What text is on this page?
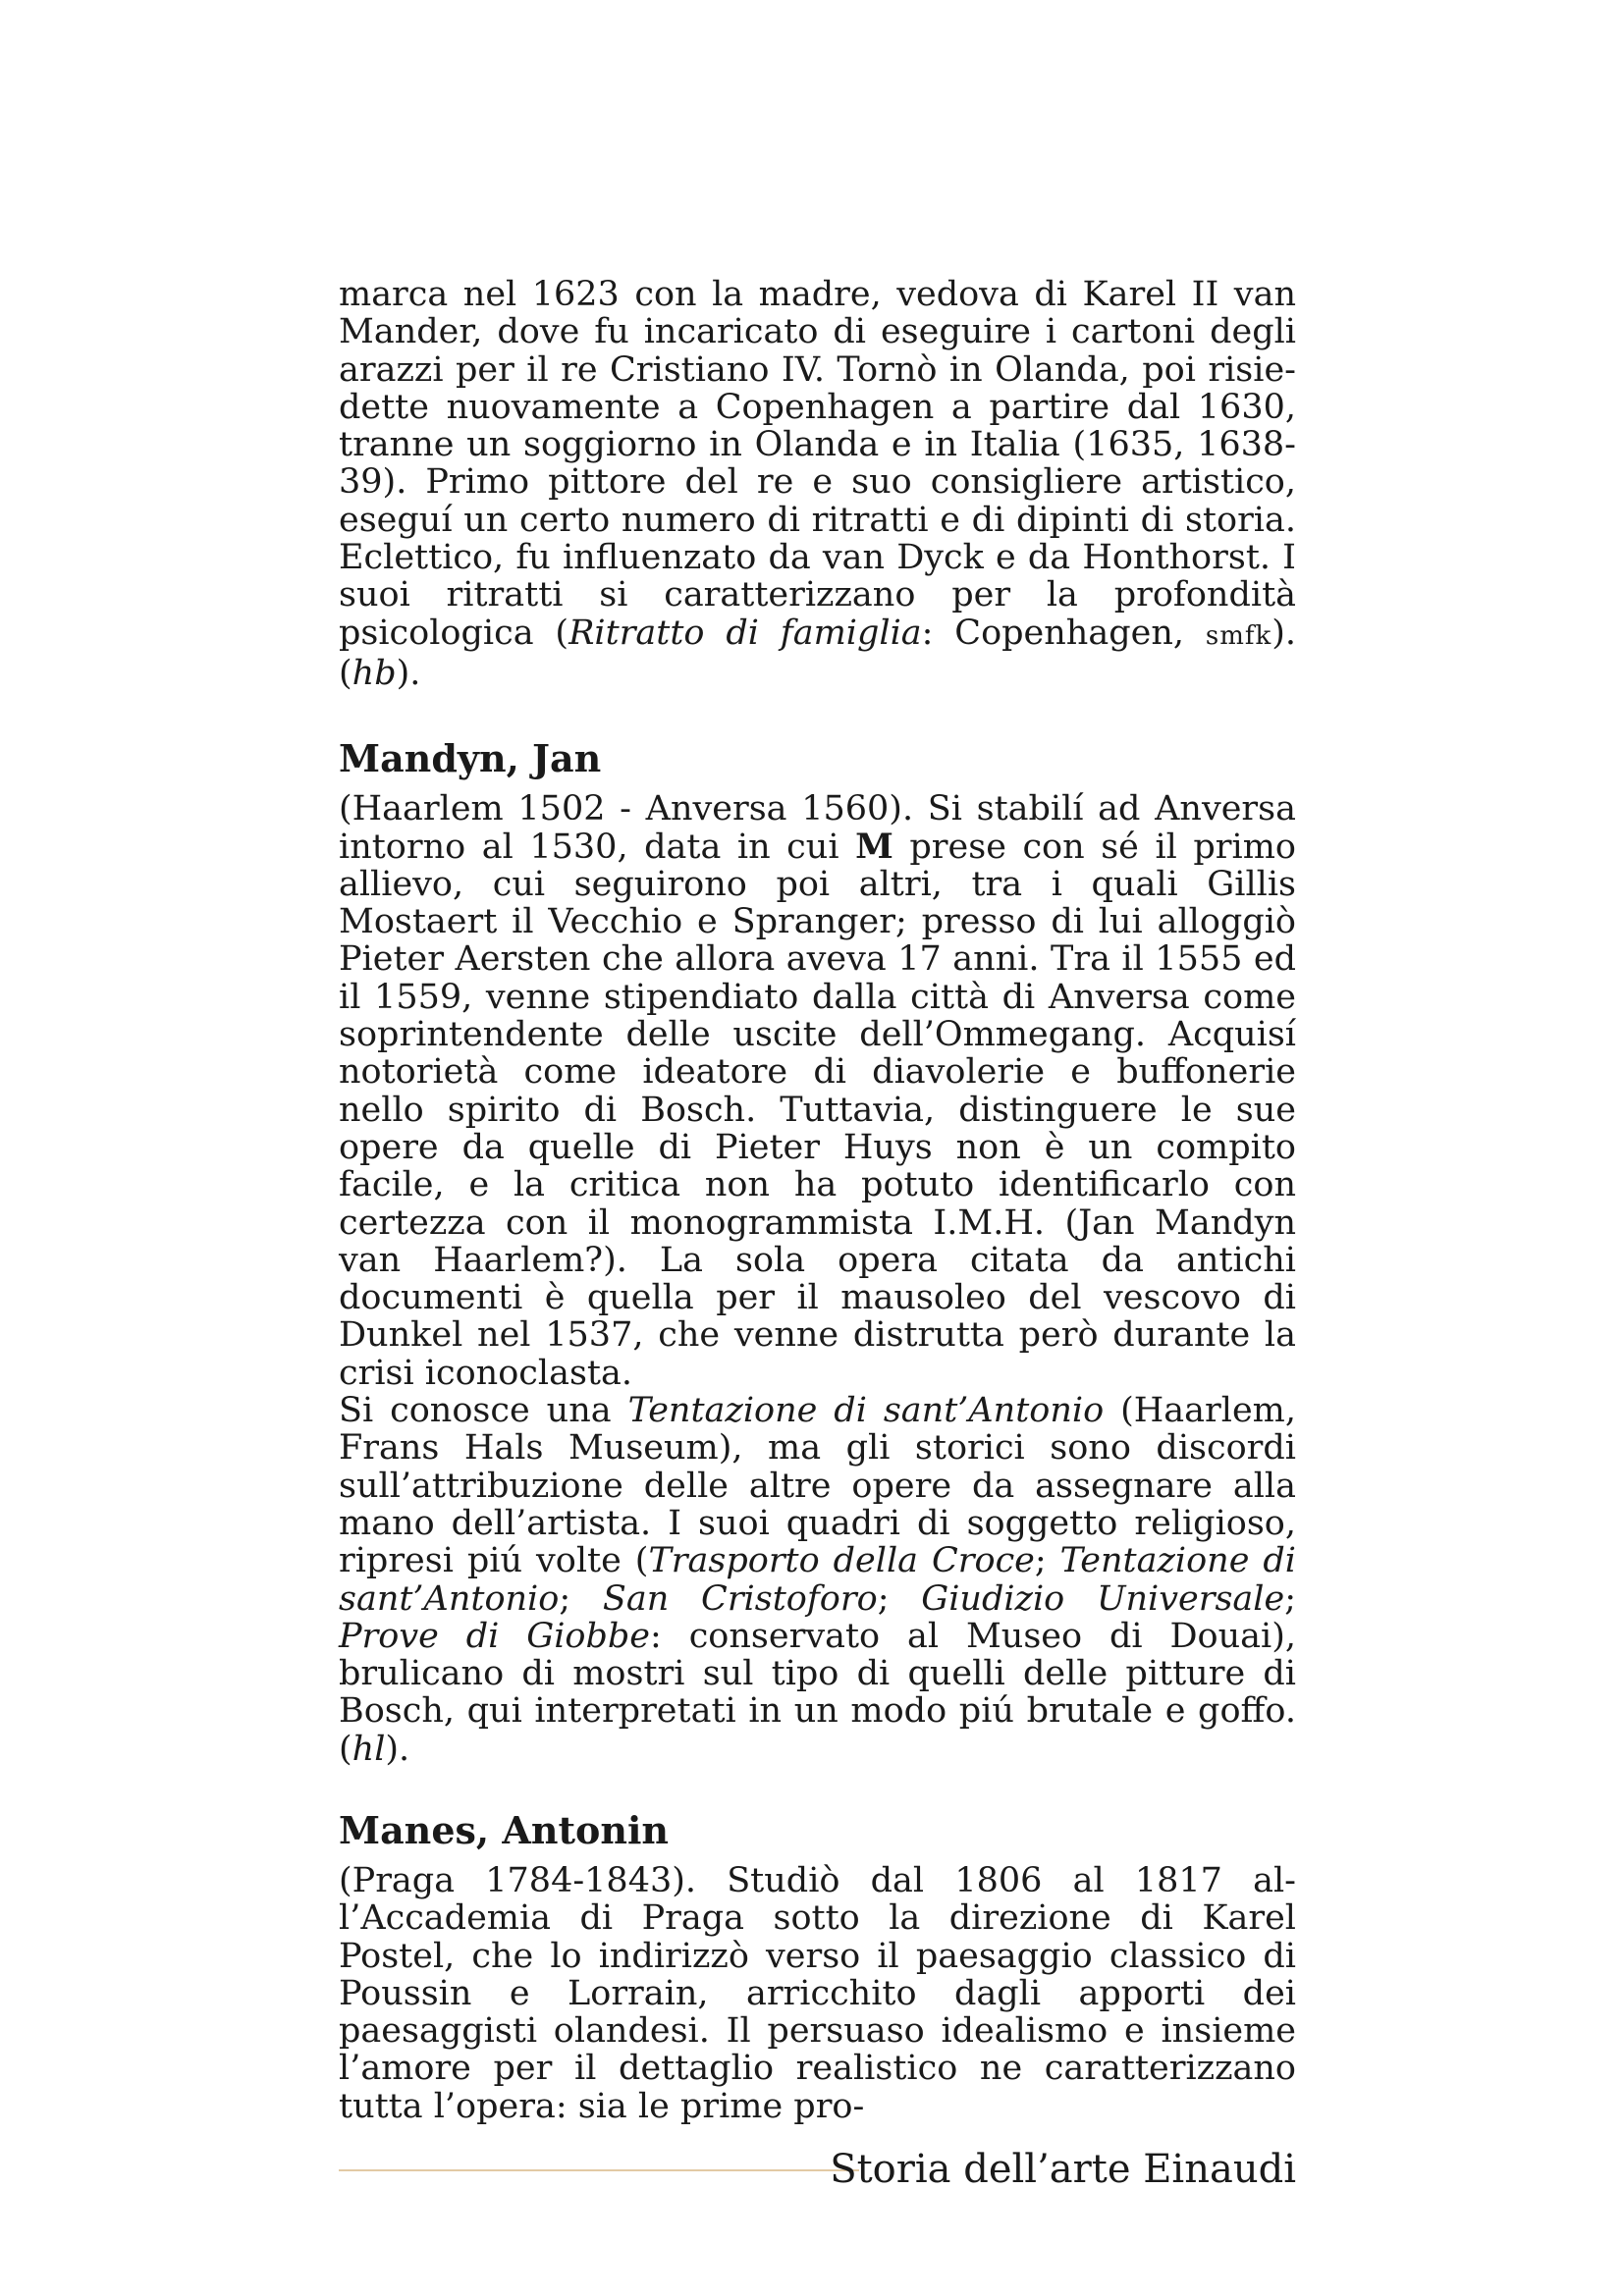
marca nel 1623 con la madre, vedova di Karel II van Mander, dove fu incaricato di eseguire i cartoni degli arazzi per il re Cristiano IV. Tornò in Olanda, poi risiedette nuovamente a Copenhagen a partire dal 1630, tranne un soggiorno in Olanda e in Italia (1635, 1638-39). Primo pittore del re e suo consigliere artistico, eseguí un certo numero di ritratti e di dipinti di storia. Eclettico, fu influenzato da van Dyck e da Honthorst. I suoi ritratti si caratterizzano per la profondità psicologica (Ritratto di famiglia: Copenhagen, smfk). (hb).

Mandyn, Jan

(Haarlem 1502 - Anversa 1560). Si stabilí ad Anversa intorno al 1530, data in cui M prese con sé il primo allievo, cui seguirono poi altri, tra i quali Gillis Mostaert il Vecchio e Spranger; presso di lui alloggiò Pieter Aersten che allora aveva 17 anni. Tra il 1555 ed il 1559, venne stipendiato dalla città di Anversa come soprintendente delle uscite dell’Ommegang. Acquisí notorietà come ideatore di diavolerie e buffonerie nello spirito di Bosch. Tuttavia, distinguere le sue opere da quelle di Pieter Huys non è un compito facile, e la critica non ha potuto identificarlo con certezza con il monogrammista I.M.H. (Jan Mandyn van Haarlem?). La sola opera citata da antichi documenti è quella per il mausoleo del vescovo di Dunkel nel 1537, che venne distrutta però durante la crisi iconoclasta.

Si conosce una Tentazione di sant’Antonio (Haarlem, Frans Hals Museum), ma gli storici sono discordi sull’attribuzione delle altre opere da assegnare alla mano dell’artista. I suoi quadri di soggetto religioso, ripresi piú volte (Trasporto della Croce; Tentazione di sant’Antonio; San Cristoforo; Giudizio Universale; Prove di Giobbe: conservato al Museo di Douai), brulicano di mostri sul tipo di quelli delle pitture di Bosch, qui interpretati in un modo piú brutale e goffo. (hl).

Manes, Antonin

(Praga 1784-1843). Studiò dal 1806 al 1817 all’Accademia di Praga sotto la direzione di Karel Postel, che lo indirizzò verso il paesaggio classico di Poussin e Lorrain, arricchito dagli apporti dei paesaggisti olandesi. Il persuaso idealismo e insieme l’amore per il dettaglio realistico ne caratterizzano tutta l’opera: sia le prime pro-

Storia dell’arte Einaudi
